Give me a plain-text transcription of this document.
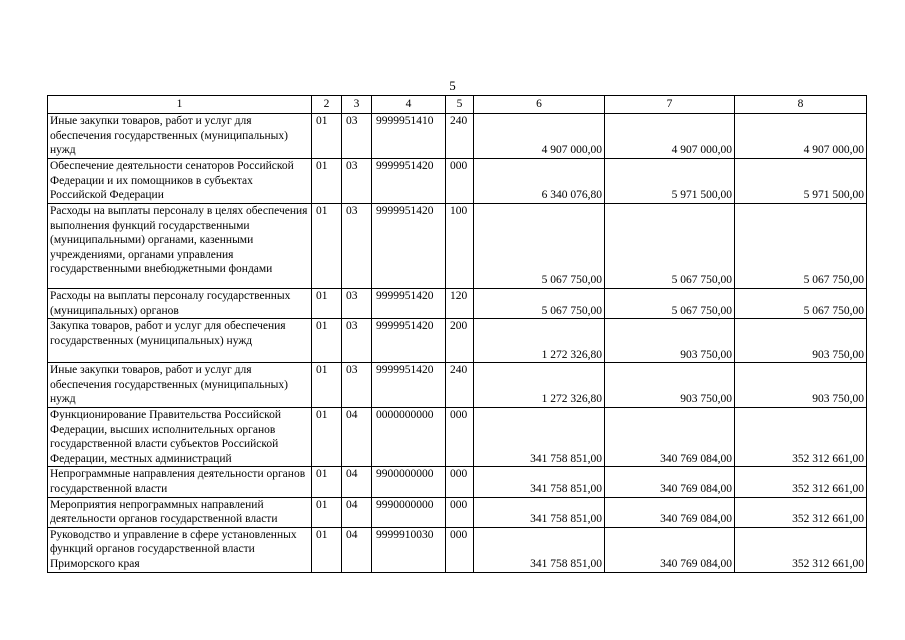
5
1	2	3	4	5	6	7	8
Иные закупки товаров, работ и услуг для обеспечения государственных (муниципальных) нужд	01	03	9999951410	240	4 907 000,00	4 907 000,00	4 907 000,00
Обеспечение деятельности сенаторов Российской Федерации и их помощников в субъектах Российской Федерации	01	03	9999951420	000	6 340 076,80	5 971 500,00	5 971 500,00
Расходы на выплаты персоналу в целях обеспечения выполнения функций государственными (муниципальными) органами, казенными учреждениями, органами управления государственными внебюджетными фондами	01	03	9999951420	100	5 067 750,00	5 067 750,00	5 067 750,00
Расходы на выплаты персоналу государственных (муниципальных) органов	01	03	9999951420	120	5 067 750,00	5 067 750,00	5 067 750,00
Закупка товаров, работ и услуг для обеспечения государственных (муниципальных) нужд	01	03	9999951420	200	1 272 326,80	903 750,00	903 750,00
Иные закупки товаров, работ и услуг для обеспечения государственных (муниципальных) нужд	01	03	9999951420	240	1 272 326,80	903 750,00	903 750,00
Функционирование Правительства Российской Федерации, высших исполнительных органов государственной власти субъектов Российской Федерации, местных администраций	01	04	0000000000	000	341 758 851,00	340 769 084,00	352 312 661,00
Непрограммные направления деятельности органов государственной власти	01	04	9900000000	000	341 758 851,00	340 769 084,00	352 312 661,00
Мероприятия непрограммных направлений деятельности органов государственной власти	01	04	9990000000	000	341 758 851,00	340 769 084,00	352 312 661,00
Руководство и управление в сфере установленных функций органов государственной власти Приморского края	01	04	9999910030	000	341 758 851,00	340 769 084,00	352 312 661,00
